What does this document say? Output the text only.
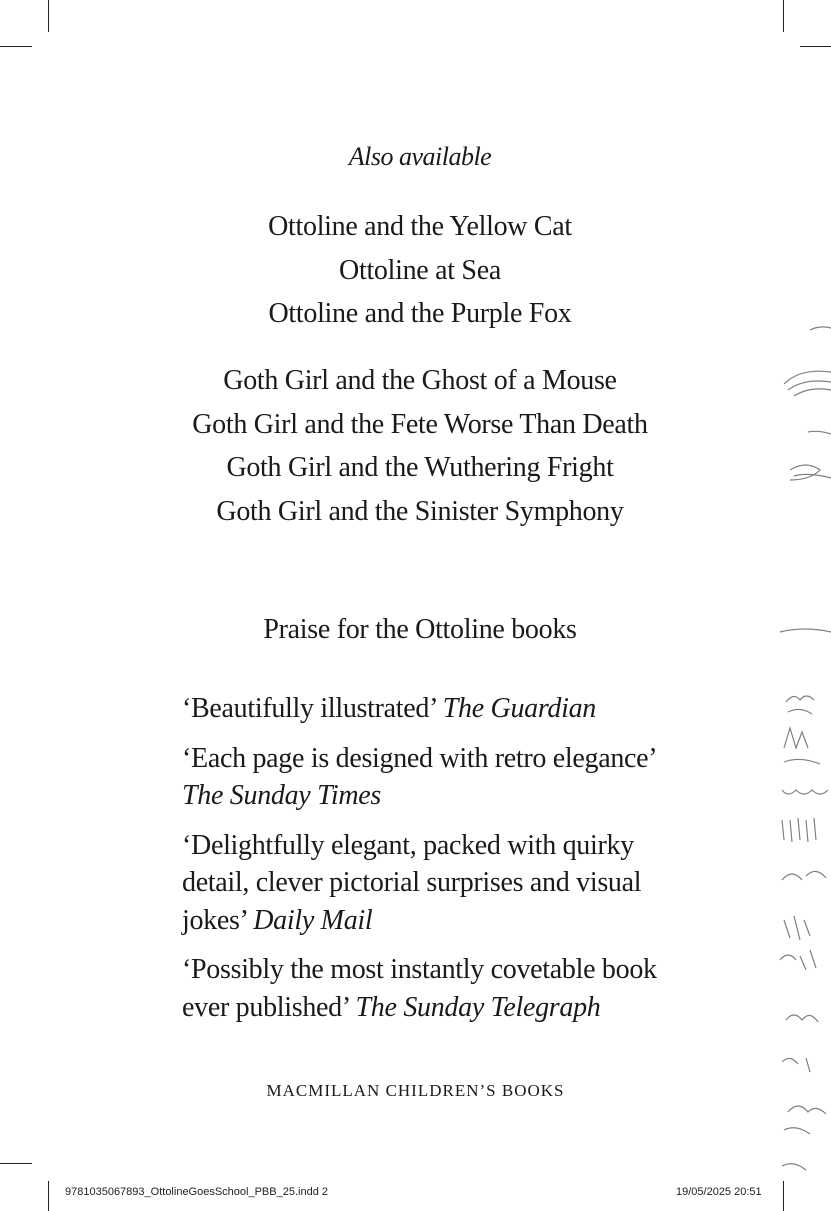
Also available
Ottoline and the Yellow Cat
Ottoline at Sea
Ottoline and the Purple Fox
Goth Girl and the Ghost of a Mouse
Goth Girl and the Fete Worse Than Death
Goth Girl and the Wuthering Fright
Goth Girl and the Sinister Symphony
Praise for the Ottoline books
‘Beautifully illustrated’ The Guardian
‘Each page is designed with retro elegance’
The Sunday Times
‘Delightfully elegant, packed with quirky detail, clever pictorial surprises and visual jokes’ Daily Mail
‘Possibly the most instantly covetable book ever published’ The Sunday Telegraph
MACMILLAN CHILDREN’S BOOKS
9781035067893_OttolineGoesSchool_PBB_25.indd 2	19/05/2025 20:51
